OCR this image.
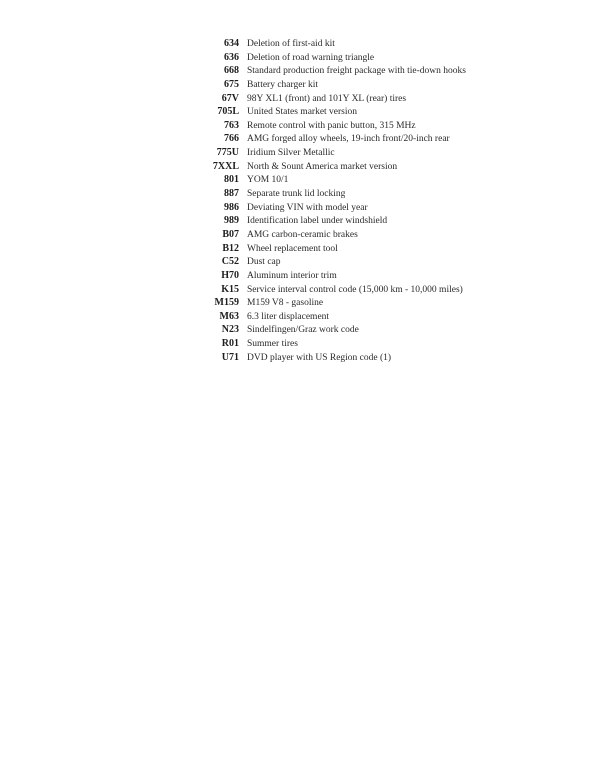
634 Deletion of first-aid kit
636 Deletion of road warning triangle
668 Standard production freight package with tie-down hooks
675 Battery charger kit
67V 98Y XL1 (front) and 101Y XL (rear) tires
705L United States market version
763 Remote control with panic button, 315 MHz
766 AMG forged alloy wheels, 19-inch front/20-inch rear
775U Iridium Silver Metallic
7XXL North & Sount America market version
801 YOM 10/1
887 Separate trunk lid locking
986 Deviating VIN with model year
989 Identification label under windshield
B07 AMG carbon-ceramic brakes
B12 Wheel replacement tool
C52 Dust cap
H70 Aluminum interior trim
K15 Service interval control code (15,000 km - 10,000 miles)
M159 M159 V8 - gasoline
M63 6.3 liter displacement
N23 Sindelfingen/Graz work code
R01 Summer tires
U71 DVD player with US Region code (1)
